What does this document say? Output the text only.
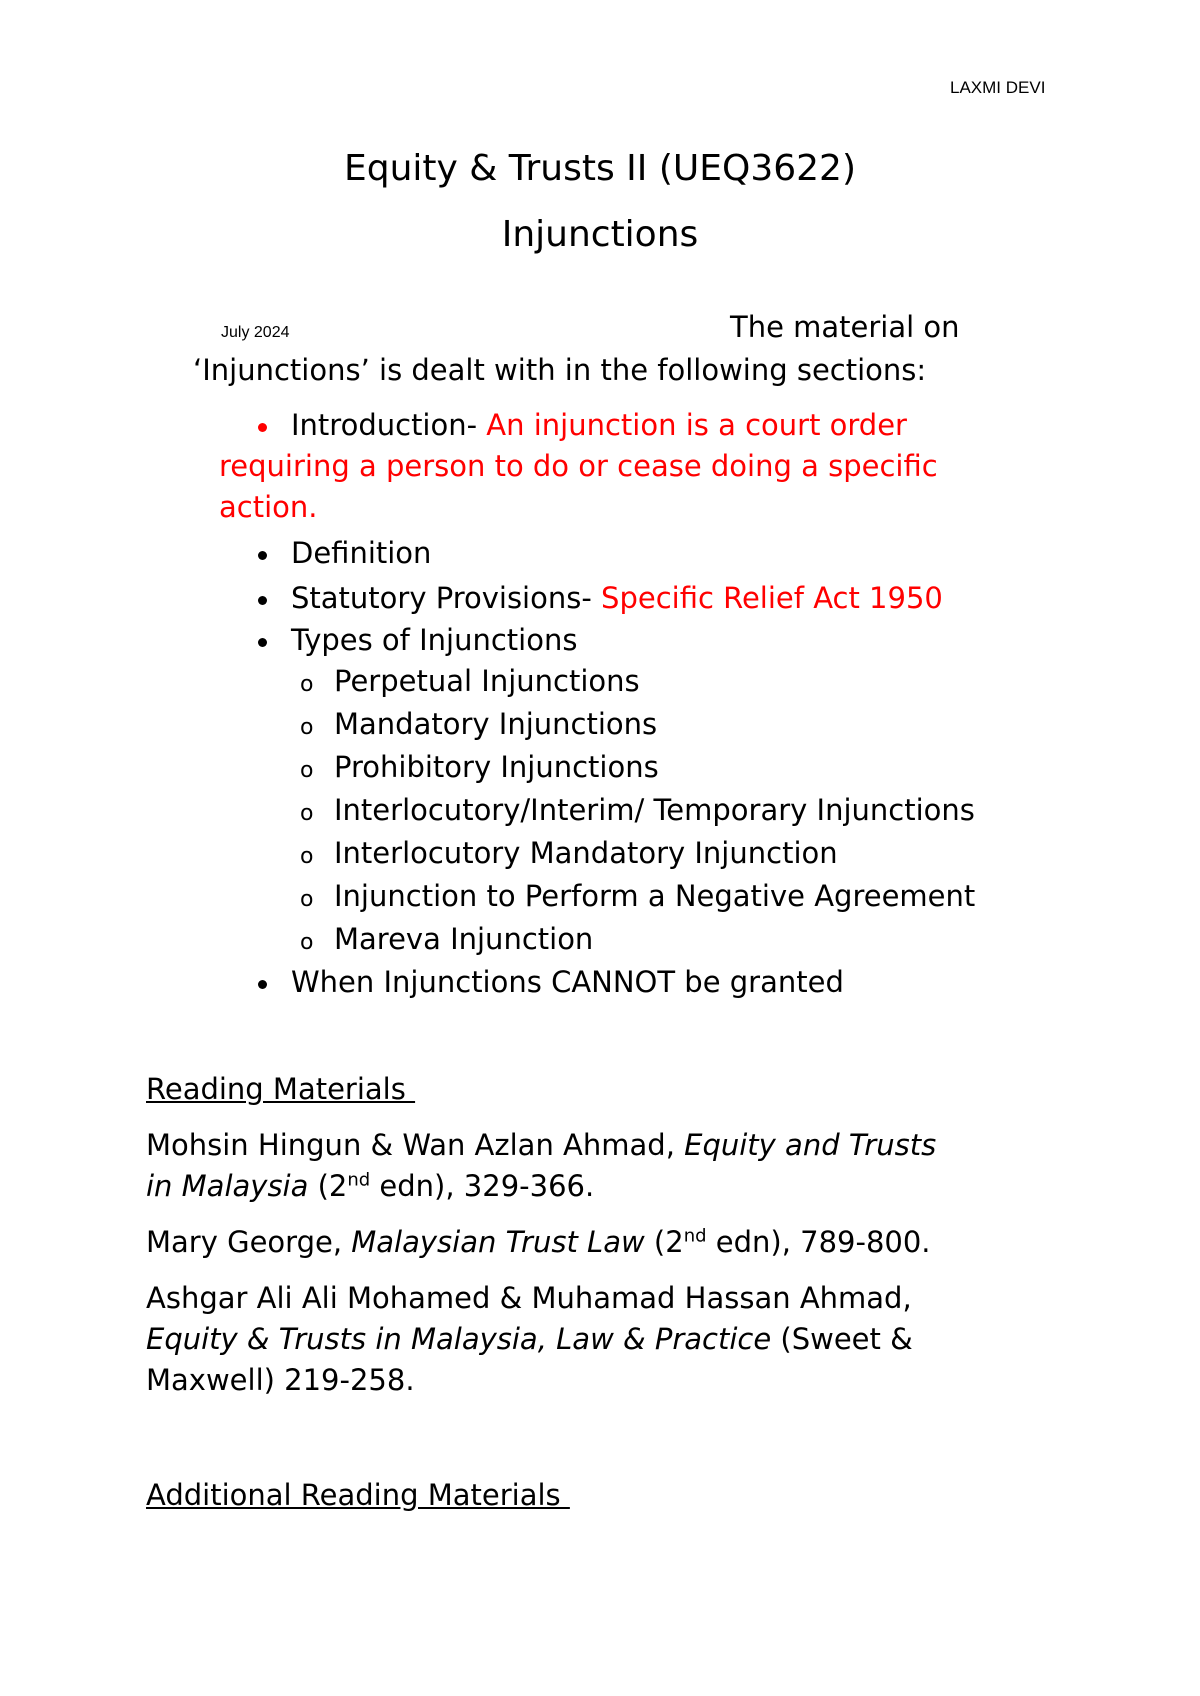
LAXMI DEVI
Equity & Trusts II (UEQ3622)
Injunctions
July 2024	The material on
‘Injunctions’ is dealt with in the following sections:
Introduction- An injunction is a court order
requiring a person to do or cease doing a specific
action.
Definition
Statutory Provisions- Specific Relief Act 1950
Types of Injunctions
o Perpetual Injunctions
o Mandatory Injunctions
o Prohibitory Injunctions
o Interlocutory/Interim/ Temporary Injunctions
o Interlocutory Mandatory Injunction
o Injunction to Perform a Negative Agreement
o Mareva Injunction
When Injunctions CANNOT be granted
Reading Materials
Mohsin Hingun & Wan Azlan Ahmad, Equity and Trusts
in Malaysia (2nd edn), 329-366.
Mary George, Malaysian Trust Law (2nd edn), 789-800.
Ashgar Ali Ali Mohamed & Muhamad Hassan Ahmad,
Equity & Trusts in Malaysia, Law & Practice (Sweet &
Maxwell) 219-258.
Additional Reading Materials
